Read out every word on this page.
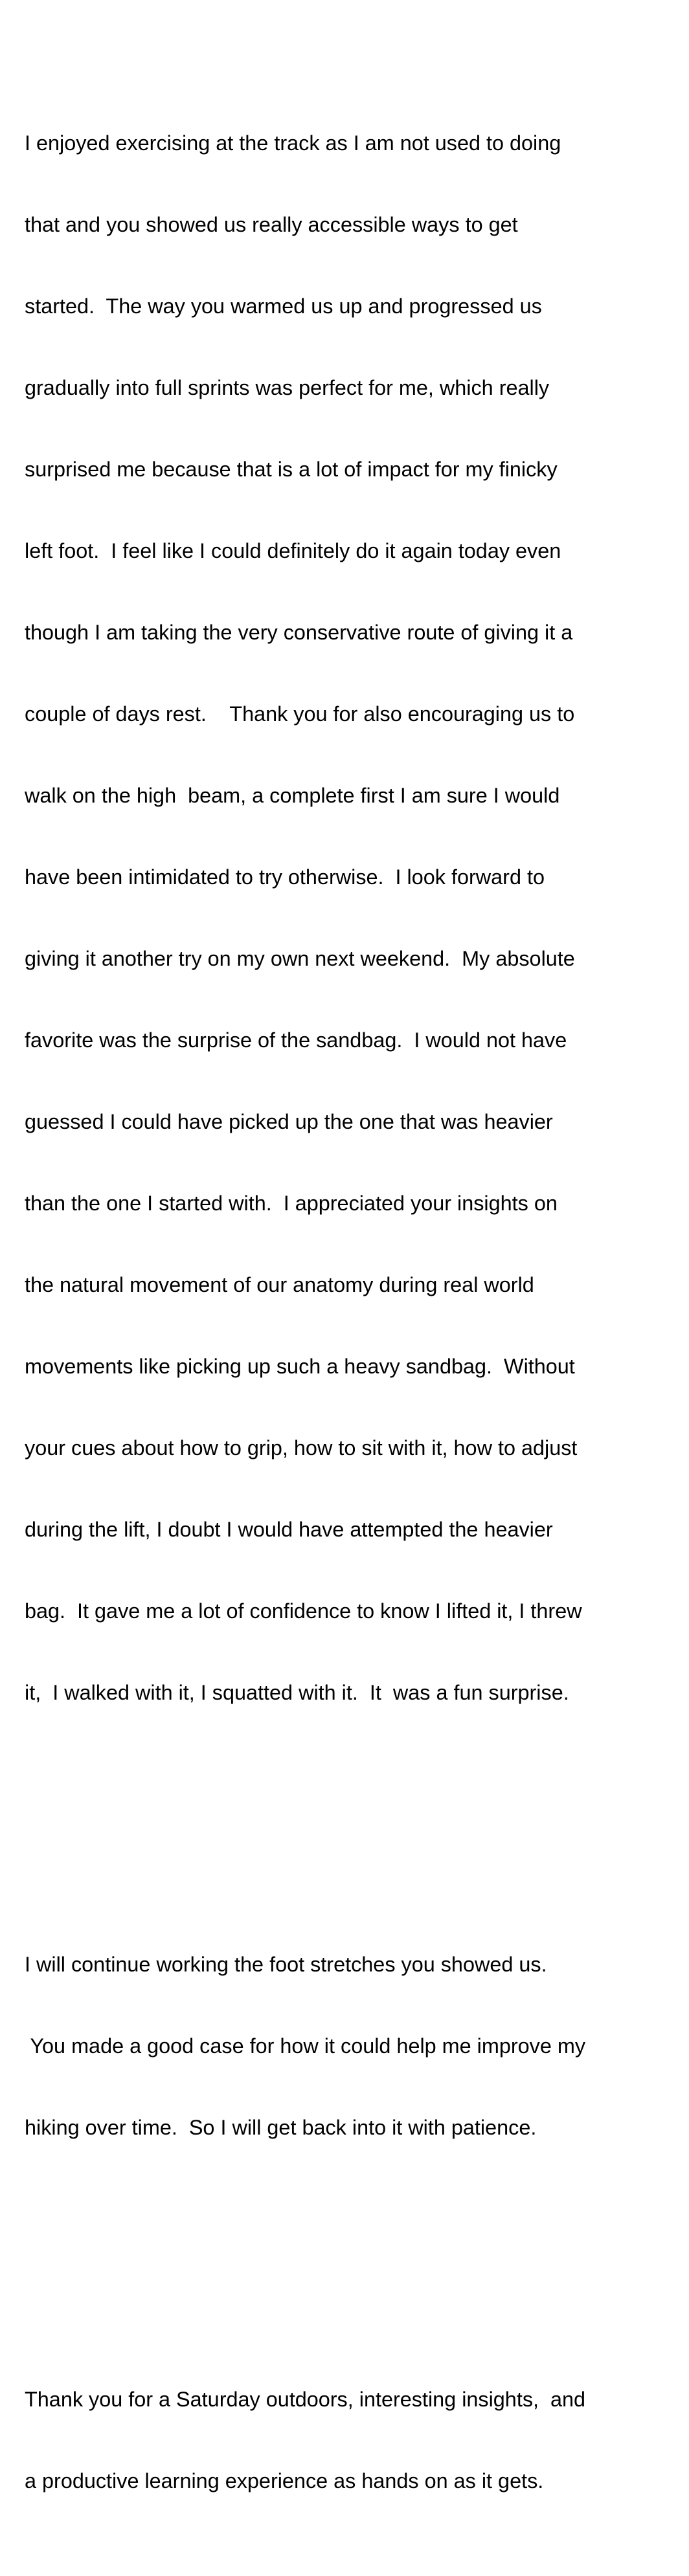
I enjoyed exercising at the track as I am not used to doing

that and you showed us really accessible ways to get

started.  The way you warmed us up and progressed us

gradually into full sprints was perfect for me, which really

surprised me because that is a lot of impact for my finicky

left foot.  I feel like I could definitely do it again today even

though I am taking the very conservative route of giving it a

couple of days rest.    Thank you for also encouraging us to

walk on the high  beam, a complete first I am sure I would

have been intimidated to try otherwise.  I look forward to

giving it another try on my own next weekend.  My absolute

favorite was the surprise of the sandbag.  I would not have

guessed I could have picked up the one that was heavier

than the one I started with.  I appreciated your insights on

the natural movement of our anatomy during real world

movements like picking up such a heavy sandbag.  Without

your cues about how to grip, how to sit with it, how to adjust

during the lift, I doubt I would have attempted the heavier

bag.  It gave me a lot of confidence to know I lifted it, I threw

it,  I walked with it, I squatted with it.  It  was a fun surprise.

I will continue working the foot stretches you showed us.

You made a good case for how it could help me improve my

hiking over time.  So I will get back into it with patience.

Thank you for a Saturday outdoors, interesting insights,  and

a productive learning experience as hands on as it gets.
